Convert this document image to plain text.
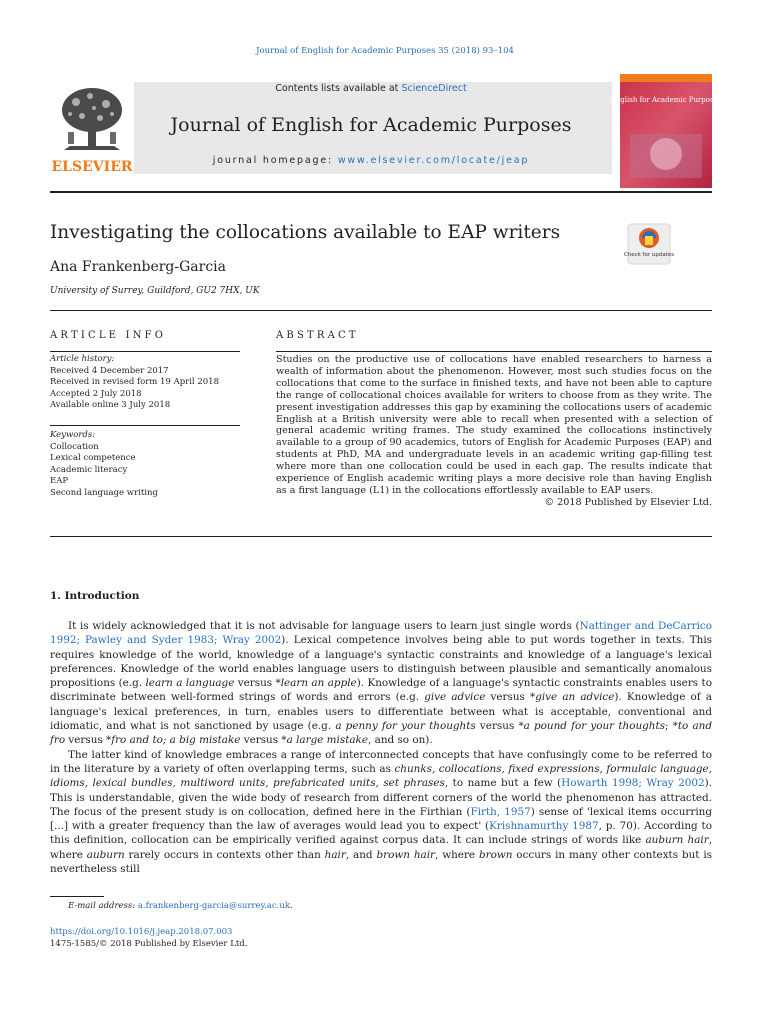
Journal of English for Academic Purposes 35 (2018) 93–104
ELSEVIER
Contents lists available at ScienceDirect
Journal of English for Academic Purposes
journal homepage: www.elsevier.com/locate/jeap
English for Academic Purposes
Investigating the collocations available to EAP writers
Check for updates
Ana Frankenberg-Garcia
University of Surrey, Guildford, GU2 7HX, UK
ARTICLE INFO	ABSTRACT
Article history:
Received 4 December 2017
Received in revised form 19 April 2018
Accepted 2 July 2018
Available online 3 July 2018
Keywords:
Collocation
Lexical competence
Academic literacy
EAP
Second language writing
Studies on the productive use of collocations have enabled researchers to harness a wealth of information about the phenomenon. However, most such studies focus on the collocations that come to the surface in finished texts, and have not been able to capture the range of collocational choices available for writers to choose from as they write. The present investigation addresses this gap by examining the collocations users of academic English at a British university were able to recall when presented with a selection of general academic writing frames. The study examined the collocations instinctively available to a group of 90 academics, tutors of English for Academic Purposes (EAP) and students at PhD, MA and undergraduate levels in an academic writing gap-filling test where more than one collocation could be used in each gap. The results indicate that experience of English academic writing plays a more decisive role than having English as a first language (L1) in the collocations effortlessly available to EAP users.
© 2018 Published by Elsevier Ltd.
1. Introduction

It is widely acknowledged that it is not advisable for language users to learn just single words (Nattinger and DeCarrico 1992; Pawley and Syder 1983; Wray 2002). Lexical competence involves being able to put words together in texts. This requires knowledge of the world, knowledge of a language's syntactic constraints and knowledge of a language's lexical preferences. Knowledge of the world enables language users to distinguish between plausible and semantically anomalous propositions (e.g. learn a language versus *learn an apple). Knowledge of a language's syntactic constraints enables users to discriminate between well-formed strings of words and errors (e.g. give advice versus *give an advice). Knowledge of a language's lexical preferences, in turn, enables users to differentiate between what is acceptable, conventional and idiomatic, and what is not sanctioned by usage (e.g. a penny for your thoughts versus *a pound for your thoughts; *to and fro versus *fro and to; a big mistake versus *a large mistake, and so on).

The latter kind of knowledge embraces a range of interconnected concepts that have confusingly come to be referred to in the literature by a variety of often overlapping terms, such as chunks, collocations, fixed expressions, formulaic language, idioms, lexical bundles, multiword units, prefabricated units, set phrases, to name but a few (Howarth 1998; Wray 2002). This is understandable, given the wide body of research from different corners of the world the phenomenon has attracted. The focus of the present study is on collocation, defined here in the Firthian (Firth, 1957) sense of 'lexical items occurring [...] with a greater frequency than the law of averages would lead you to expect' (Krishnamurthy 1987, p. 70). According to this definition, collocation can be empirically verified against corpus data. It can include strings of words like auburn hair, where auburn rarely occurs in contexts other than hair, and brown hair, where brown occurs in many other contexts but is nevertheless still

E-mail address: a.frankenberg-garcia@surrey.ac.uk.
https://doi.org/10.1016/j.jeap.2018.07.003
1475-1585/© 2018 Published by Elsevier Ltd.
